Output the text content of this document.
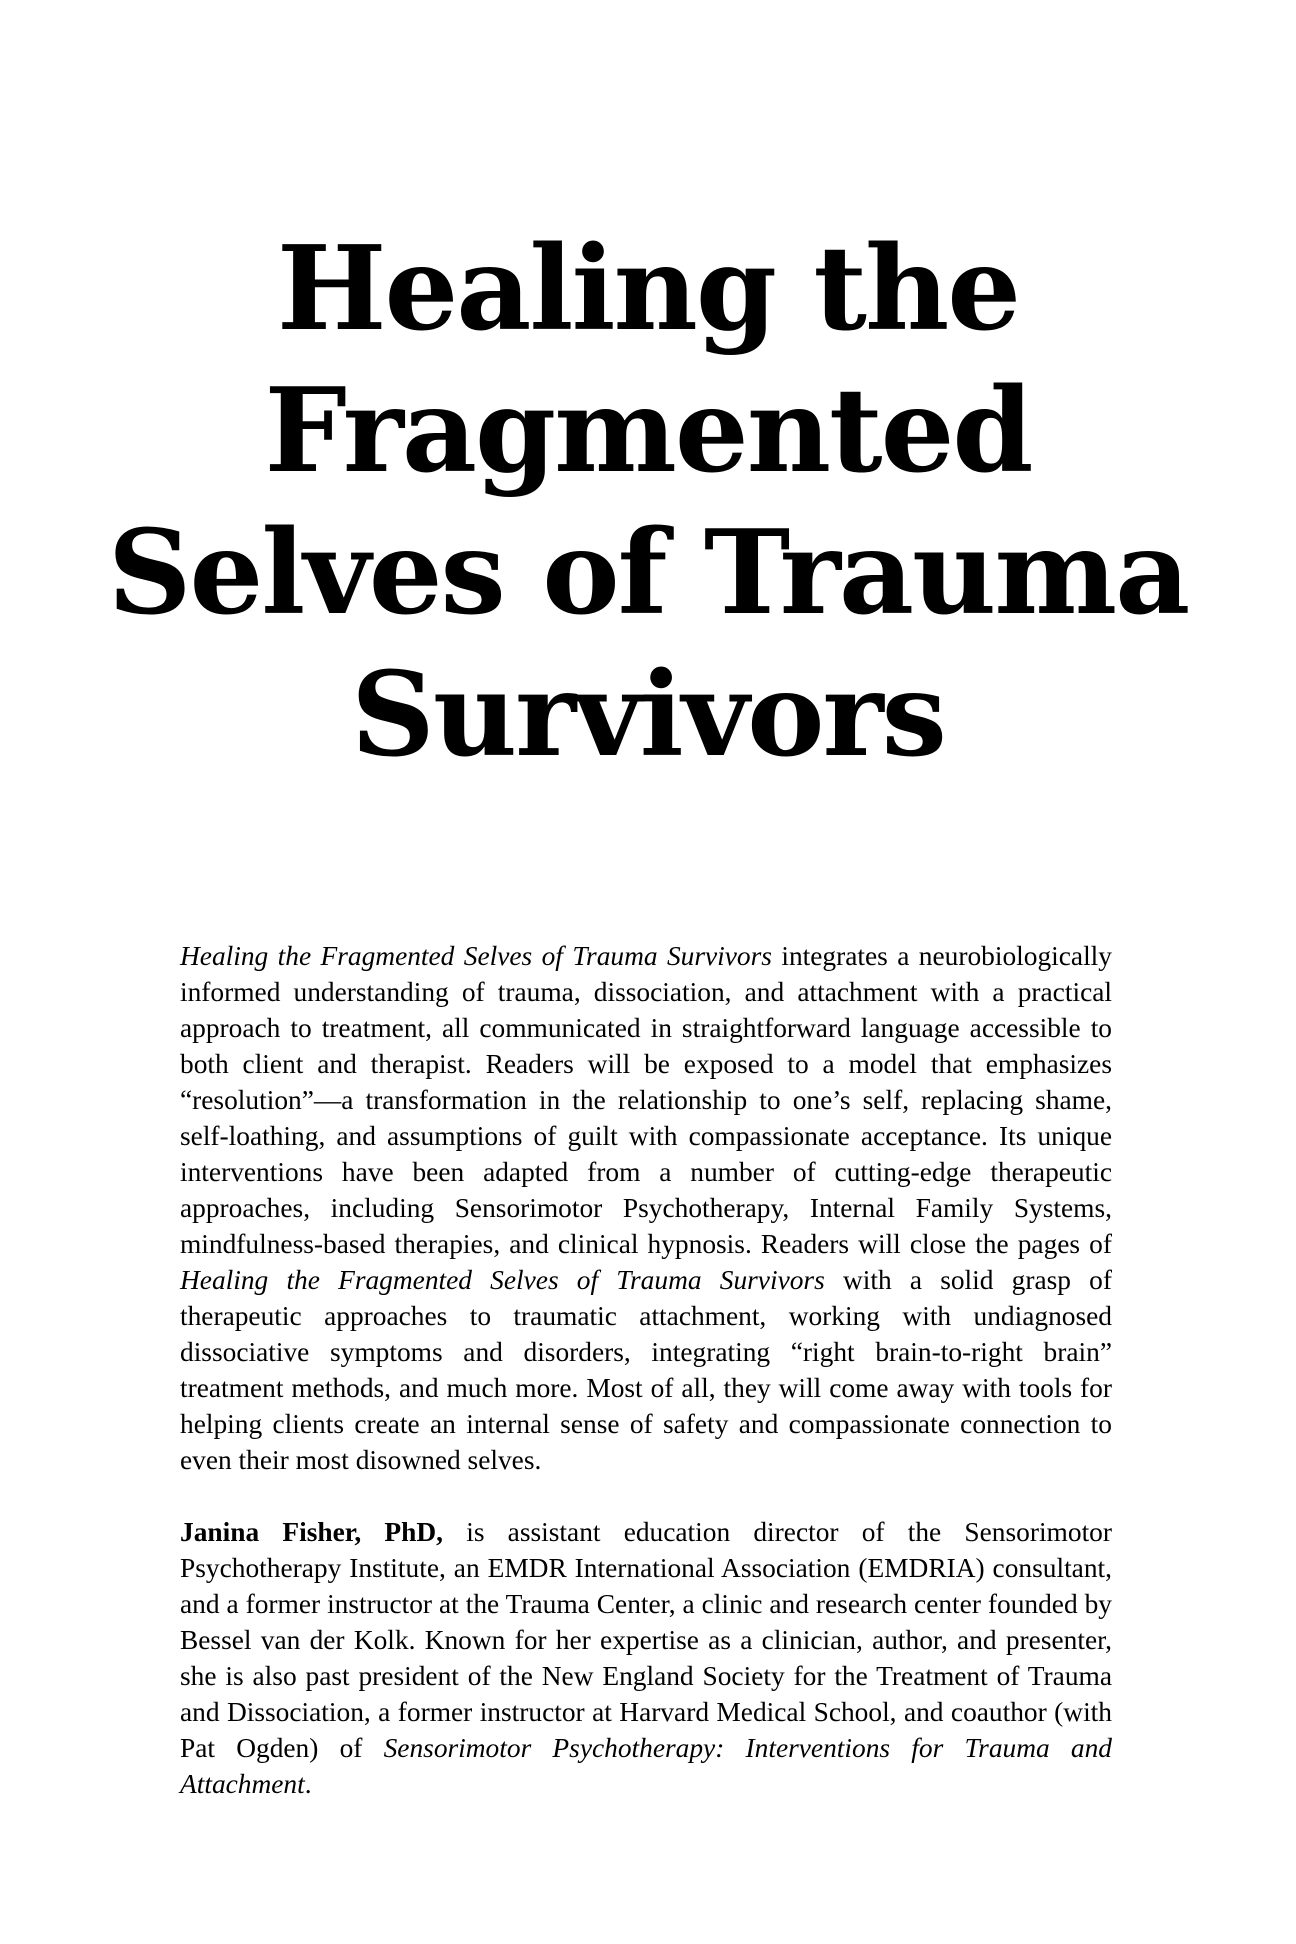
Healing the
Fragmented
Selves of Trauma
Survivors

Healing the Fragmented Selves of Trauma Survivors integrates a neurobiologically informed understanding of trauma, dissociation, and attachment with a practical approach to treatment, all communicated in straightforward language accessible to both client and therapist. Readers will be exposed to a model that emphasizes “resolution”—a transformation in the relationship to one’s self, replacing shame, self-loathing, and assumptions of guilt with compassionate acceptance. Its unique interventions have been adapted from a number of cutting-edge therapeutic approaches, including Sensorimotor Psychotherapy, Internal Family Systems, mindfulness-based therapies, and clinical hypnosis. Readers will close the pages of Healing the Fragmented Selves of Trauma Survivors with a solid grasp of therapeutic approaches to traumatic attachment, working with undiagnosed dissociative symptoms and disorders, integrating “right brain-to-right brain” treatment methods, and much more. Most of all, they will come away with tools for helping clients create an internal sense of safety and compassionate connection to even their most disowned selves.

Janina Fisher, PhD, is assistant education director of the Sensorimotor Psychotherapy Institute, an EMDR International Association (EMDRIA) consultant, and a former instructor at the Trauma Center, a clinic and research center founded by Bessel van der Kolk. Known for her expertise as a clinician, author, and presenter, she is also past president of the New England Society for the Treatment of Trauma and Dissociation, a former instructor at Harvard Medical School, and coauthor (with Pat Ogden) of Sensorimotor Psychotherapy: Interventions for Trauma and Attachment.
